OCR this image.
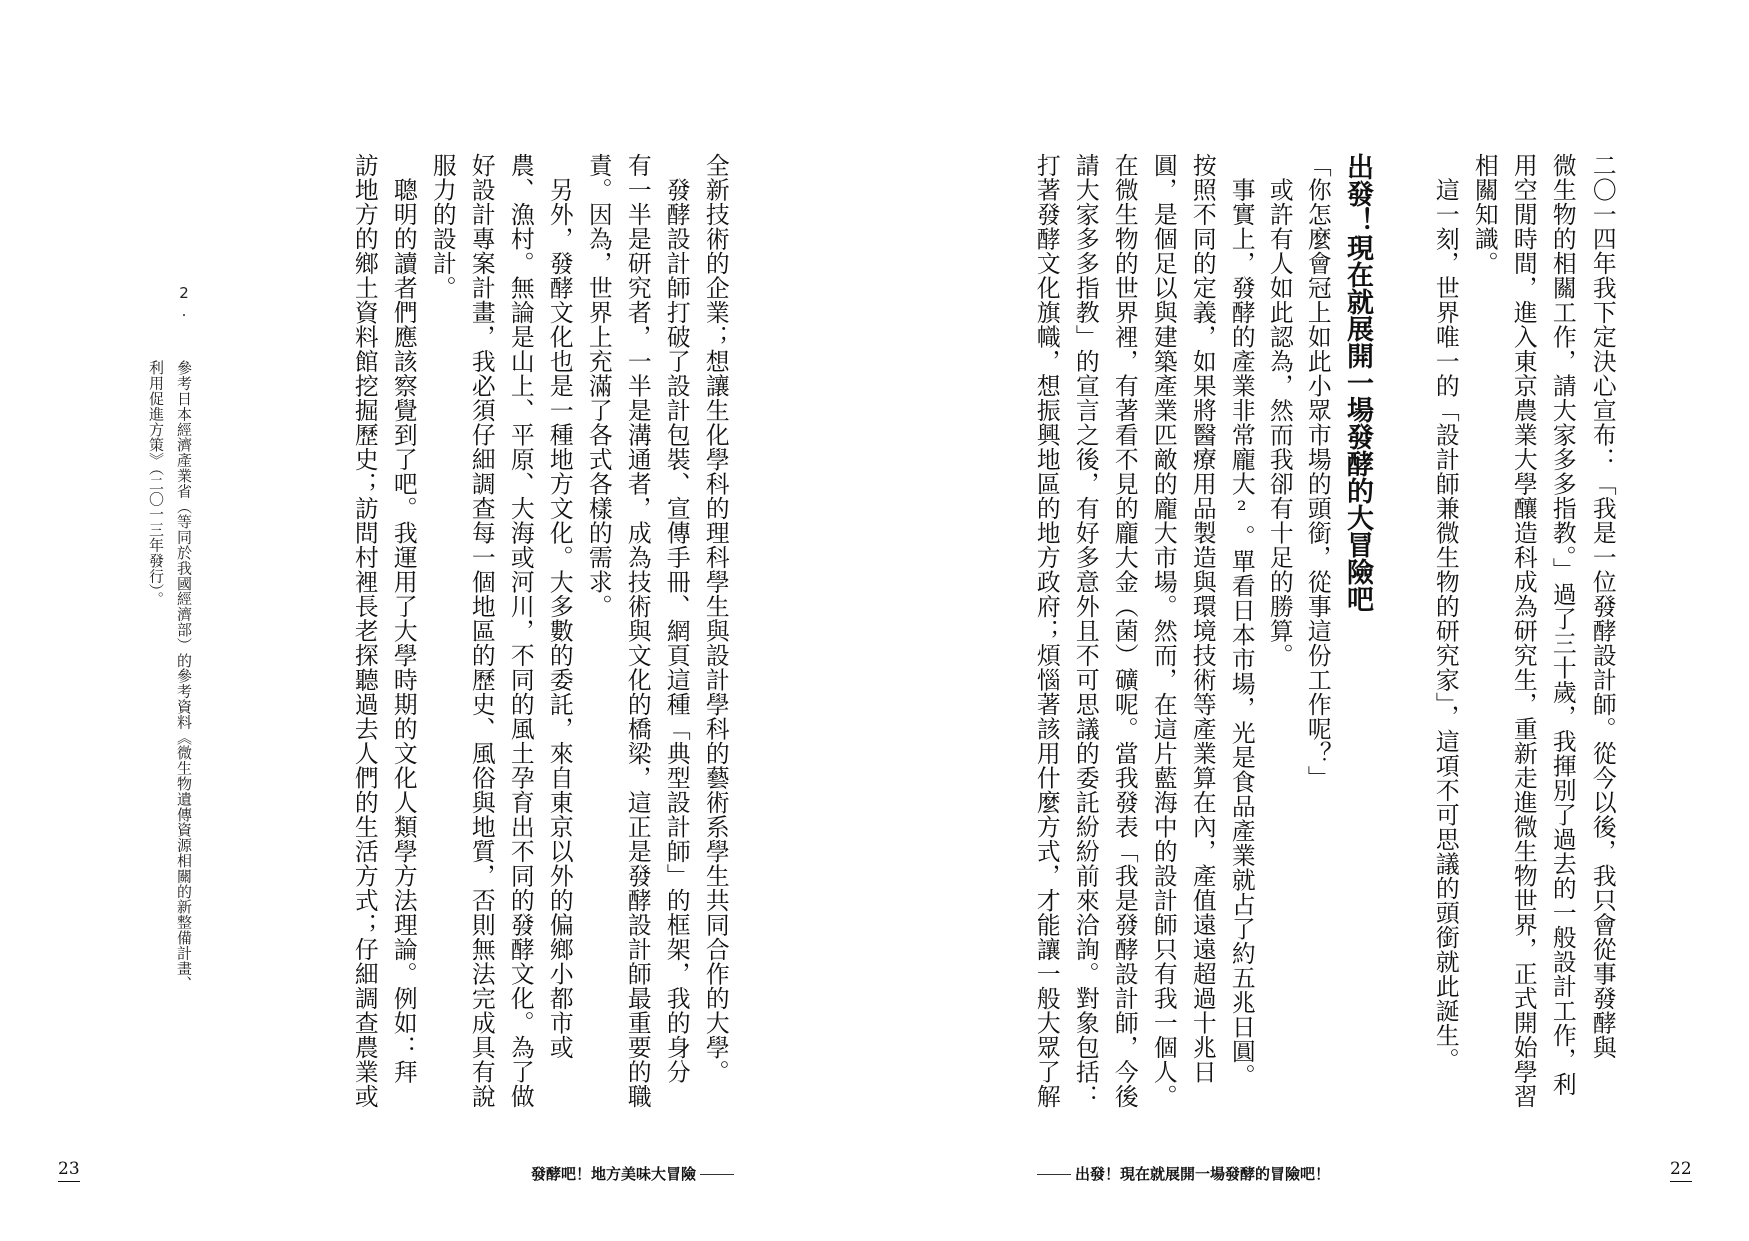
二〇一四年我下定決心宣布：「我是一位發酵設計師。從今以後，我只會從事發酵與
微生物的相關工作，請大家多多指教。」過了三十歲，我揮別了過去的一般設計工作，利
用空閒時間，進入東京農業大學釀造科成為研究生，重新走進微生物世界，正式開始學習
相關知識。
　這一刻，世界唯一的「設計師兼微生物的研究家」，這項不可思議的頭銜就此誕生。
出發！現在就展開一場發酵的大冒險吧
「你怎麼會冠上如此小眾市場的頭銜，從事這份工作呢？」
　或許有人如此認為，然而我卻有十足的勝算。
　事實上，發酵的產業非常龐大²。單看日本市場，光是食品產業就占了約五兆日圓。
按照不同的定義，如果將醫療用品製造與環境技術等產業算在內，產值遠遠超過十兆日
圓，是個足以與建築產業匹敵的龐大市場。然而，在這片藍海中的設計師只有我一個人。
在微生物的世界裡，有著看不見的龐大金（菌）礦呢。當我發表「我是發酵設計師，今後
請大家多多指教」的宣言之後，有好多意外且不可思議的委託紛紛前來洽詢。對象包括：
打著發酵文化旗幟，想振興地區的地方政府；煩惱著該用什麼方式，才能讓一般大眾了解
全新技術的企業；想讓生化學科的理科學生與設計學科的藝術系學生共同合作的大學。
　發酵設計師打破了設計包裝、宣傳手冊、網頁這種「典型設計師」的框架，我的身分
有一半是研究者，一半是溝通者，成為技術與文化的橋梁，這正是發酵設計師最重要的職
責。因為，世界上充滿了各式各樣的需求。
　另外，發酵文化也是一種地方文化。大多數的委託，來自東京以外的偏鄉小都市或
農、漁村。無論是山上、平原、大海或河川，不同的風土孕育出不同的發酵文化。為了做
好設計專案計畫，我必須仔細調查每一個地區的歷史、風俗與地質，否則無法完成具有說
服力的設計。
　聰明的讀者們應該察覺到了吧。我運用了大學時期的文化人類學方法理論。例如：拜
訪地方的鄉土資料館挖掘歷史；訪問村裡長老探聽過去人們的生活方式；仔細調查農業或
2.
參考日本經濟產業省（等同於我國經濟部）的參考資料《微生物遺傳資源相關的新整備計畫、
利用促進方策》（二〇一三年發行）。
發酵吧！地方美味大冒險	出發！現在就展開一場發酵的冒險吧！
23	22
